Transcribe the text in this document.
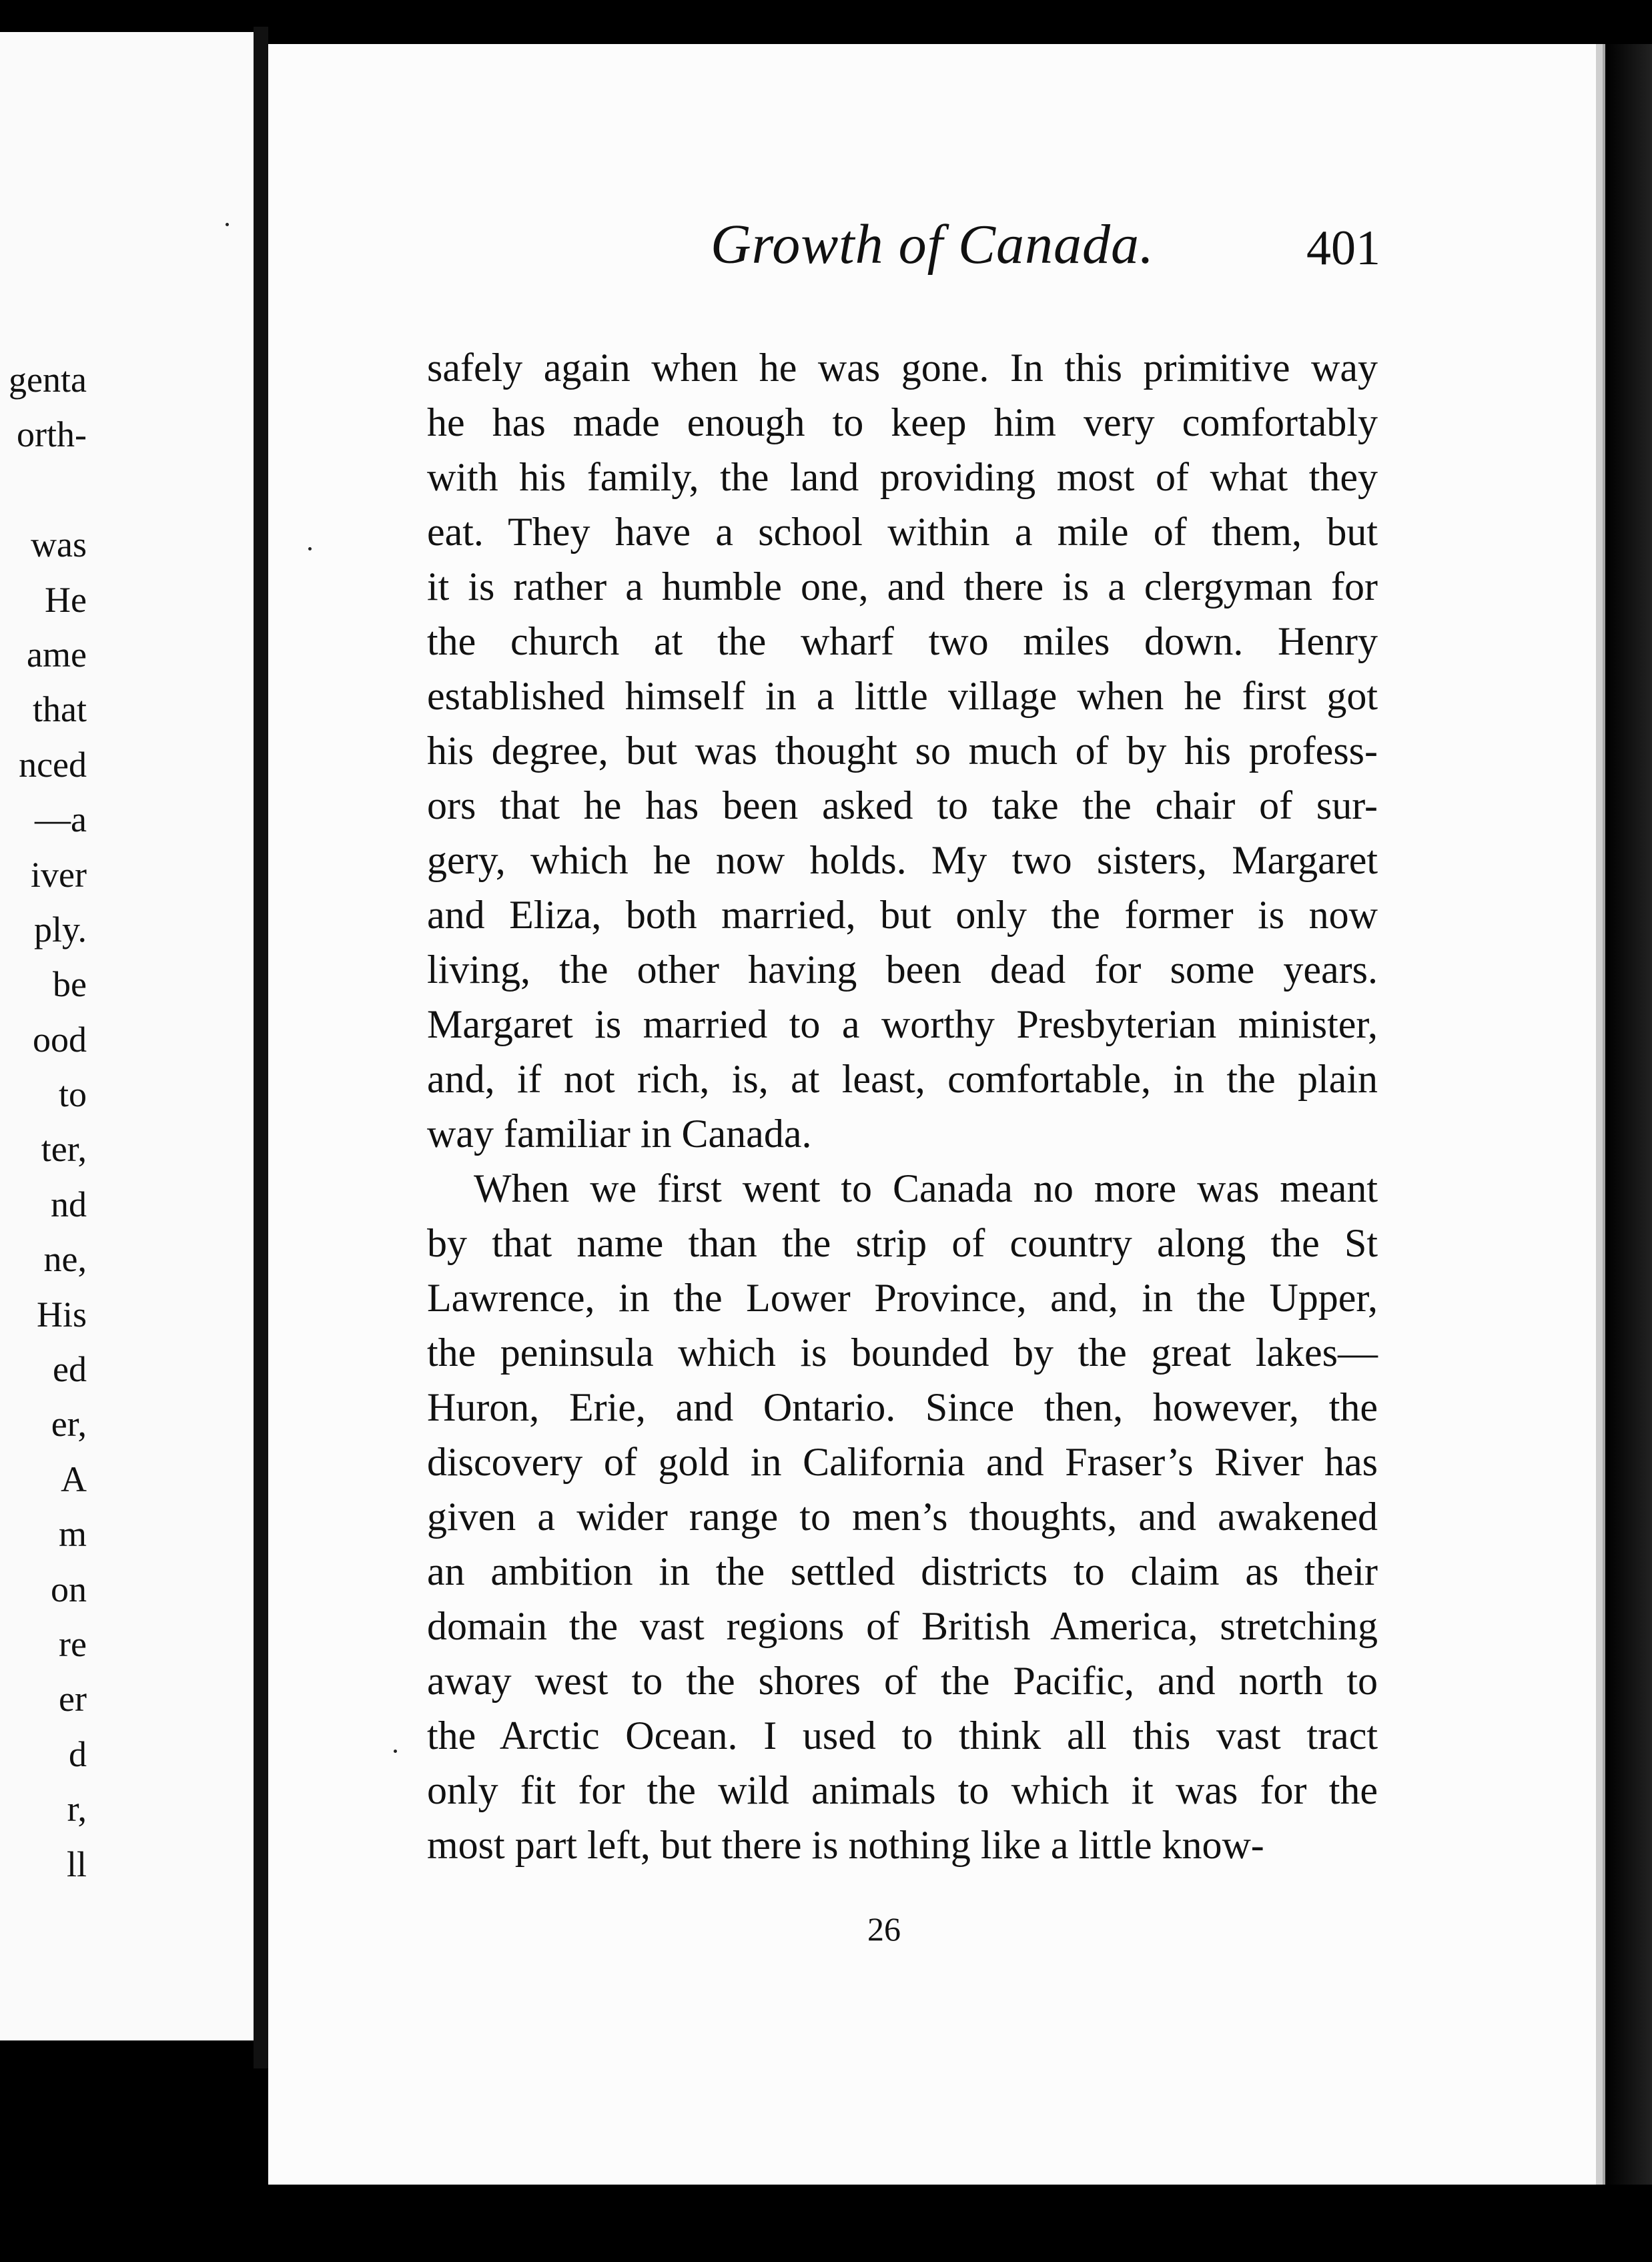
genta
orth-
was
He
ame
that
nced
—a
iver
ply.
be
ood
to
ter,
nd
ne,
His
ed
er,
A
m
on
re
er
d
r,
ll
Growth of Canada.	401
safely again when he was gone. In this primitive way
he has made enough to keep him very comfortably
with his family, the land providing most of what they
eat. They have a school within a mile of them, but
it is rather a humble one, and there is a clergyman for
the church at the wharf two miles down. Henry
established himself in a little village when he first got
his degree, but was thought so much of by his profess-
ors that he has been asked to take the chair of sur-
gery, which he now holds. My two sisters, Margaret
and Eliza, both married, but only the former is now
living, the other having been dead for some years.
Margaret is married to a worthy Presbyterian minister,
and, if not rich, is, at least, comfortable, in the plain
way familiar in Canada.
When we first went to Canada no more was meant
by that name than the strip of country along the St
Lawrence, in the Lower Province, and, in the Upper,
the peninsula which is bounded by the great lakes—
Huron, Erie, and Ontario. Since then, however, the
discovery of gold in California and Fraser’s River has
given a wider range to men’s thoughts, and awakened
an ambition in the settled districts to claim as their
domain the vast regions of British America, stretching
away west to the shores of the Pacific, and north to
the Arctic Ocean. I used to think all this vast tract
only fit for the wild animals to which it was for the
most part left, but there is nothing like a little know-
26
